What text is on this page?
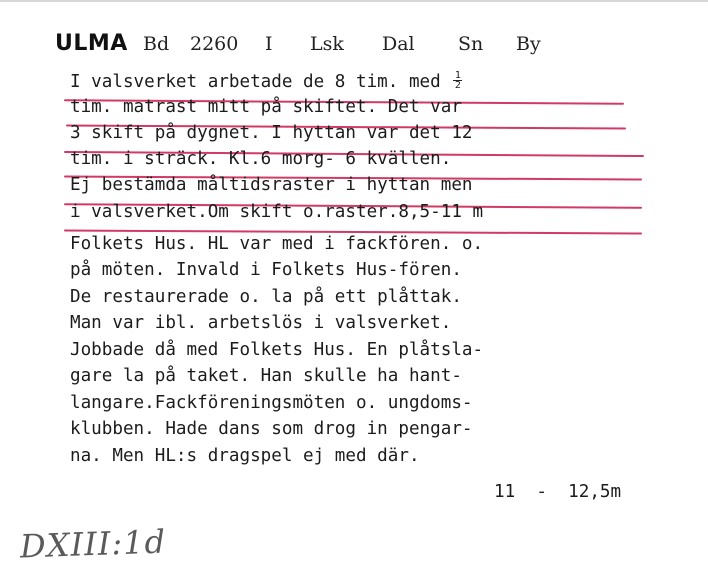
ULMA Bd 2260 I Lsk Dal Sn By
I valsverket arbetade de 8 tim. med $\frac{1}{2}$
tim. matrast mitt på skiftet. Det var
3 skift på dygnet. I hyttan var det 12
tim. i sträck. Kl.6 morg- 6 kvällen.
Ej bestämda måltidsraster i hyttan men
i valsverket.Om skift o.raster.8,5-11 m
Folkets Hus. HL var med i fackfören. o.
på möten. Invald i Folkets Hus-fören.
De restaurerade o. la på ett plåttak.
Man var ibl. arbetslös i valsverket.
Jobbade då med Folkets Hus. En plåtsla-
gare la på taket. Han skulle ha hant-
langare.Fackföreningsmöten o. ungdoms-
klubben. Hade dans som drog in pengar-
na. Men HL:s dragspel ej med där.
11  -  12,5m
DXIII:1d
